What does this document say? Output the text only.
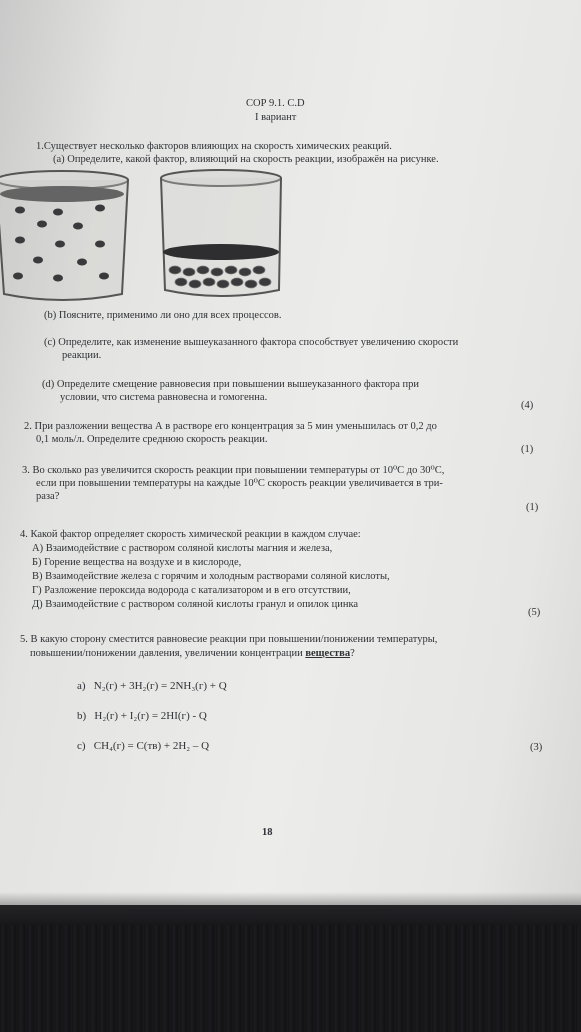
СОР 9.1. С.D
I вариант
1.Существует несколько факторов влияющих на скорость химических реакций.
(а) Определите, какой фактор, влияющий на скорость реакции, изображён на рисунке.
(b) Поясните, применимо ли оно для всех процессов.
(с) Определите, как изменение вышеуказанного фактора способствует увеличению скорости
реакции.
(d) Определите смещение равновесия при повышении вышеуказанного фактора при
условии, что система равновесна и гомогенна.
(4)
2. При разложении вещества А в растворе его концентрация за 5 мин уменьшилась от 0,2 до
0,1 моль/л. Определите среднюю скорость реакции.
(1)
3. Во сколько раз увеличится скорость реакции при повышении температуры от 10⁰С до 30⁰С,
если при повышении температуры на каждые 10⁰С скорость реакции увеличивается в три-
раза?
(1)
4. Какой фактор определяет скорость химической реакции в каждом случае:
А) Взаимодействие с раствором соляной кислоты магния и железа,
Б) Горение вещества на воздухе и в кислороде,
В) Взаимодействие железа с горячим и холодным растворами соляной кислоты,
Г) Разложение пероксида водорода с катализатором и в его отсутствии,
Д) Взаимодействие с раствором соляной кислоты гранул и опилок цинка
(5)
5. В какую сторону сместится равновесие реакции при повышении/понижении температуры,
повышении/понижении давления, увеличении концентрации вещества?
а) N₂(г) + 3H₂(г) = 2NH₃(г) + Q
b) H₂(г) + I₂(г) = 2HI(г) - Q
с) CH₄(г) = C(тв) + 2H₂ – Q	(3)
18
